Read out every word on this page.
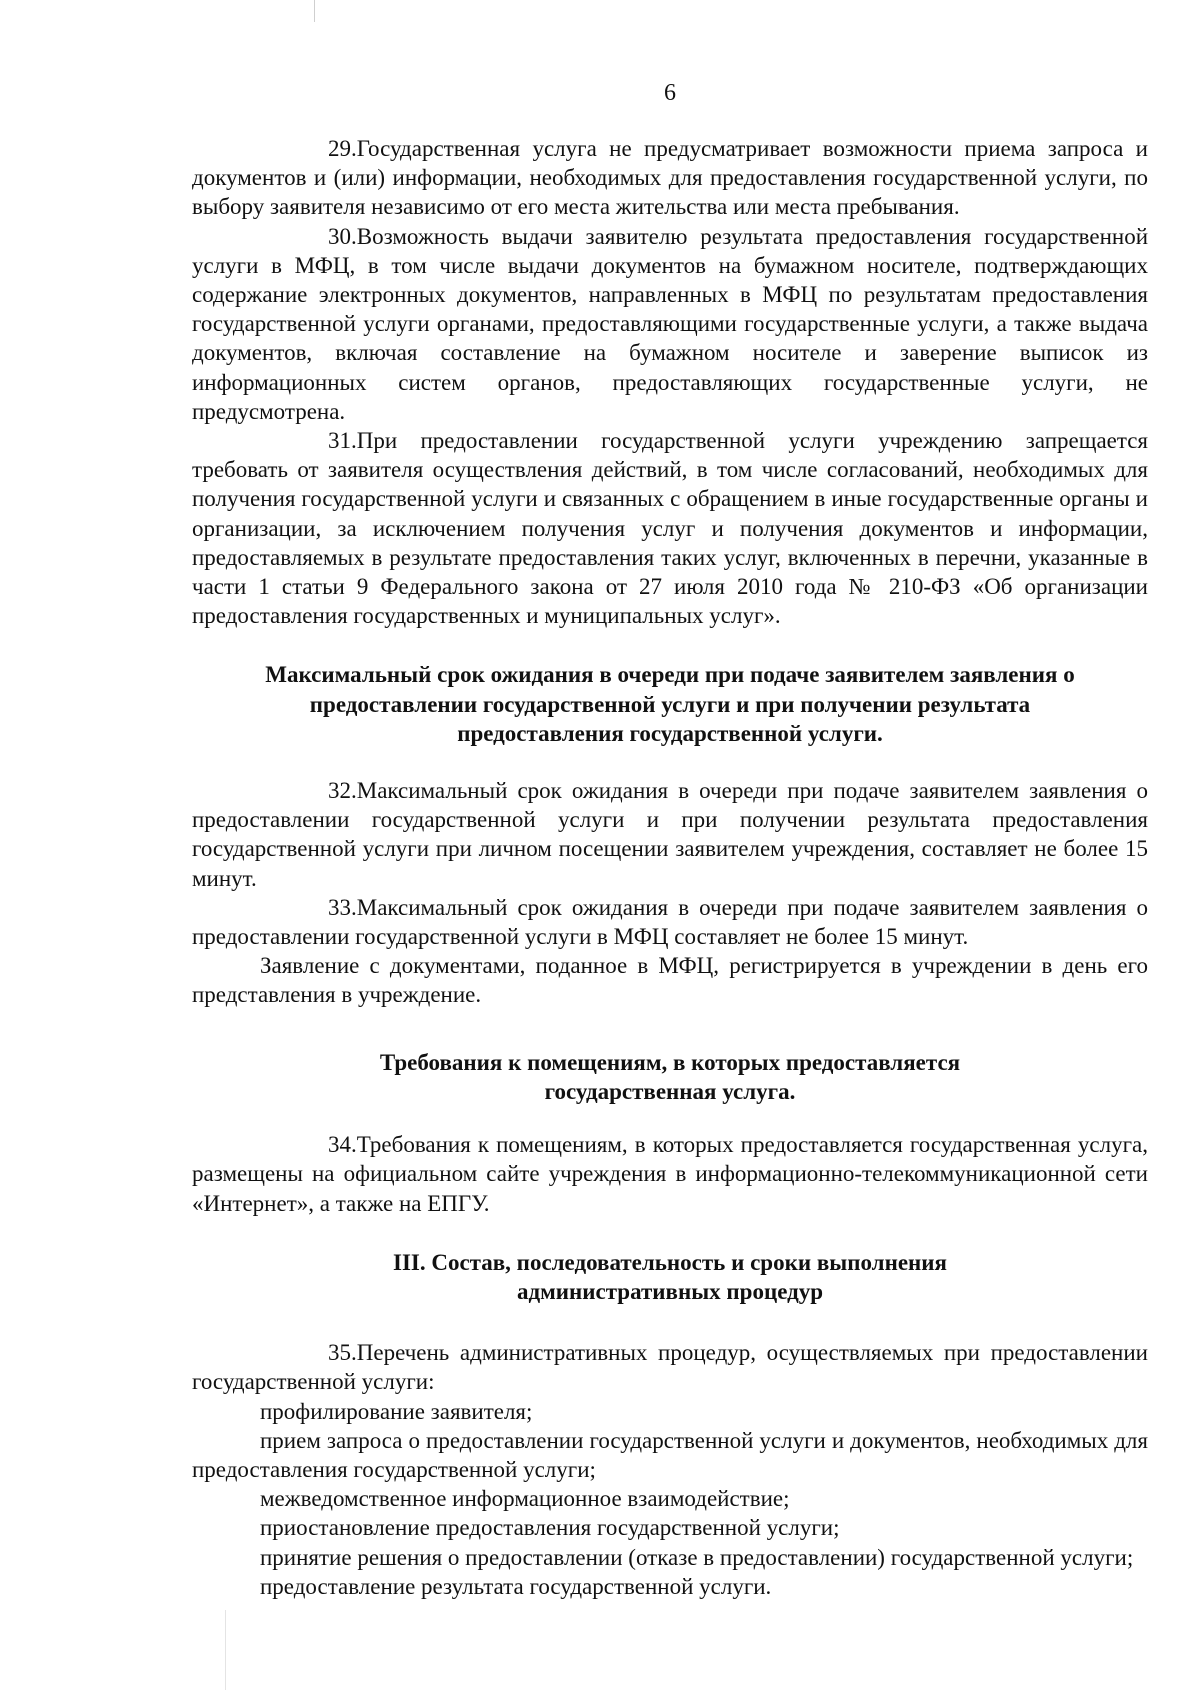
6

29.Государственная услуга не предусматривает возможности приема запроса и документов и (или) информации, необходимых для предоставления государственной услуги, по выбору заявителя независимо от его места жительства или места пребывания.

30.Возможность выдачи заявителю результата предоставления государственной услуги в МФЦ, в том числе выдачи документов на бумажном носителе, подтверждающих содержание электронных документов, направленных в МФЦ по результатам предоставления государственной услуги органами, предоставляющими государственные услуги, а также выдача документов, включая составление на бумажном носителе и заверение выписок из информационных систем органов, предоставляющих государственные услуги, не предусмотрена.

31.При предоставлении государственной услуги учреждению запрещается требовать от заявителя осуществления действий, в том числе согласований, необходимых для получения государственной услуги и связанных с обращением в иные государственные органы и организации, за исключением получения услуг и получения документов и информации, предоставляемых в результате предоставления таких услуг, включенных в перечни, указанные в части 1 статьи 9 Федерального закона от 27 июля 2010 года № 210-ФЗ «Об организации предоставления государственных и муниципальных услуг».

Максимальный срок ожидания в очереди при подаче заявителем заявления о
предоставлении государственной услуги и при получении результата
предоставления государственной услуги.

32.Максимальный срок ожидания в очереди при подаче заявителем заявления о предоставлении государственной услуги и при получении результата предоставления государственной услуги при личном посещении заявителем учреждения, составляет не более 15 минут.

33.Максимальный срок ожидания в очереди при подаче заявителем заявления о предоставлении государственной услуги в МФЦ составляет не более 15 минут.

Заявление с документами, поданное в МФЦ, регистрируется в учреждении в день его представления в учреждение.

Требования к помещениям, в которых предоставляется
государственная услуга.

34.Требования к помещениям, в которых предоставляется государственная услуга, размещены на официальном сайте учреждения в информационно-телекоммуникационной сети «Интернет», а также на ЕПГУ.

III. Состав, последовательность и сроки выполнения
административных процедур

35.Перечень административных процедур, осуществляемых при предоставлении государственной услуги:

профилирование заявителя;

прием запроса о предоставлении государственной услуги и документов, необходимых для предоставления государственной услуги;

межведомственное информационное взаимодействие;

приостановление предоставления государственной услуги;

принятие решения о предоставлении (отказе в предоставлении) государственной услуги;

предоставление результата государственной услуги.
